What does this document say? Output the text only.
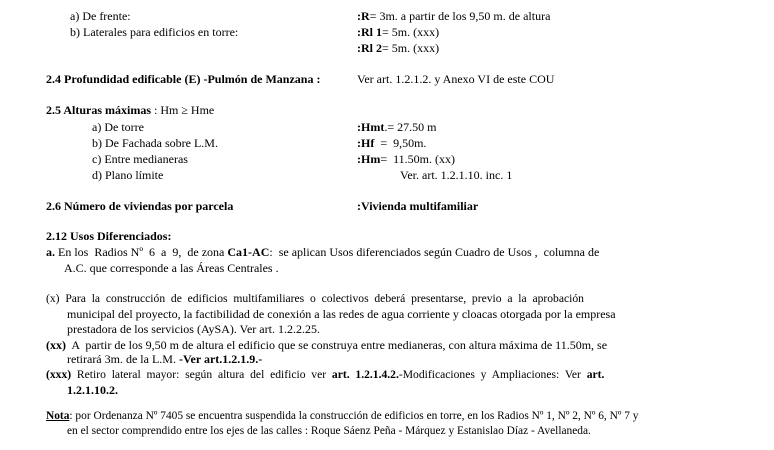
a) De frente:	:R= 3m. a partir de los 9,50 m. de altura
b) Laterales para edificios en torre:	:Rl 1= 5m. (xxx)
:Rl 2= 5m. (xxx)
2.4 Profundidad edificable (E) -Pulmón de Manzana :	Ver art. 1.2.1.2. y Anexo VI de este COU
2.5 Alturas máximas : Hm ≥ Hme
a) De torre	:Hmt.= 27.50 m
b) De Fachada sobre L.M.	:Hf  =  9,50m.
c) Entre medianeras	:Hm=  11.50m. (xx)
d) Plano límite	Ver. art. 1.2.1.10. inc. 1
2.6 Número de viviendas por parcela	:Vivienda multifamiliar
2.12 Usos Diferenciados:
a. En los  Radios Nº  6  a  9,  de zona Ca1-AC:  se aplican Usos diferenciados según Cuadro de Usos ,  columna de
A.C. que corresponde a las Áreas Centrales .
(x)  Para  la  construcción  de  edificios  multifamiliares  o  colectivos  deberá  presentarse,  previo  a  la  aprobación
municipal del proyecto, la factibilidad de conexión a las redes de agua corriente y cloacas otorgada por la empresa
prestadora de los servicios (AySA). Ver art. 1.2.2.25.
(xx)  A  partir de los 9,50 m de altura el edificio que se construya entre medianeras, con altura máxima de 11.50m, se
retirará 3m. de la L.M. -Ver art.1.2.1.9.-
(xxx)  Retiro  lateral  mayor:  según  altura  del  edificio  ver  art.  1.2.1.4.2.-Modificaciones  y  Ampliaciones:  Ver  art.
1.2.1.10.2.
Nota: por Ordenanza Nº 7405 se encuentra suspendida la construcción de edificios en torre, en los Radios Nº 1, Nº 2, Nº 6, Nº 7 y
en el sector comprendido entre los ejes de las calles : Roque Sáenz Peña - Márquez y Estanislao Díaz - Avellaneda.
